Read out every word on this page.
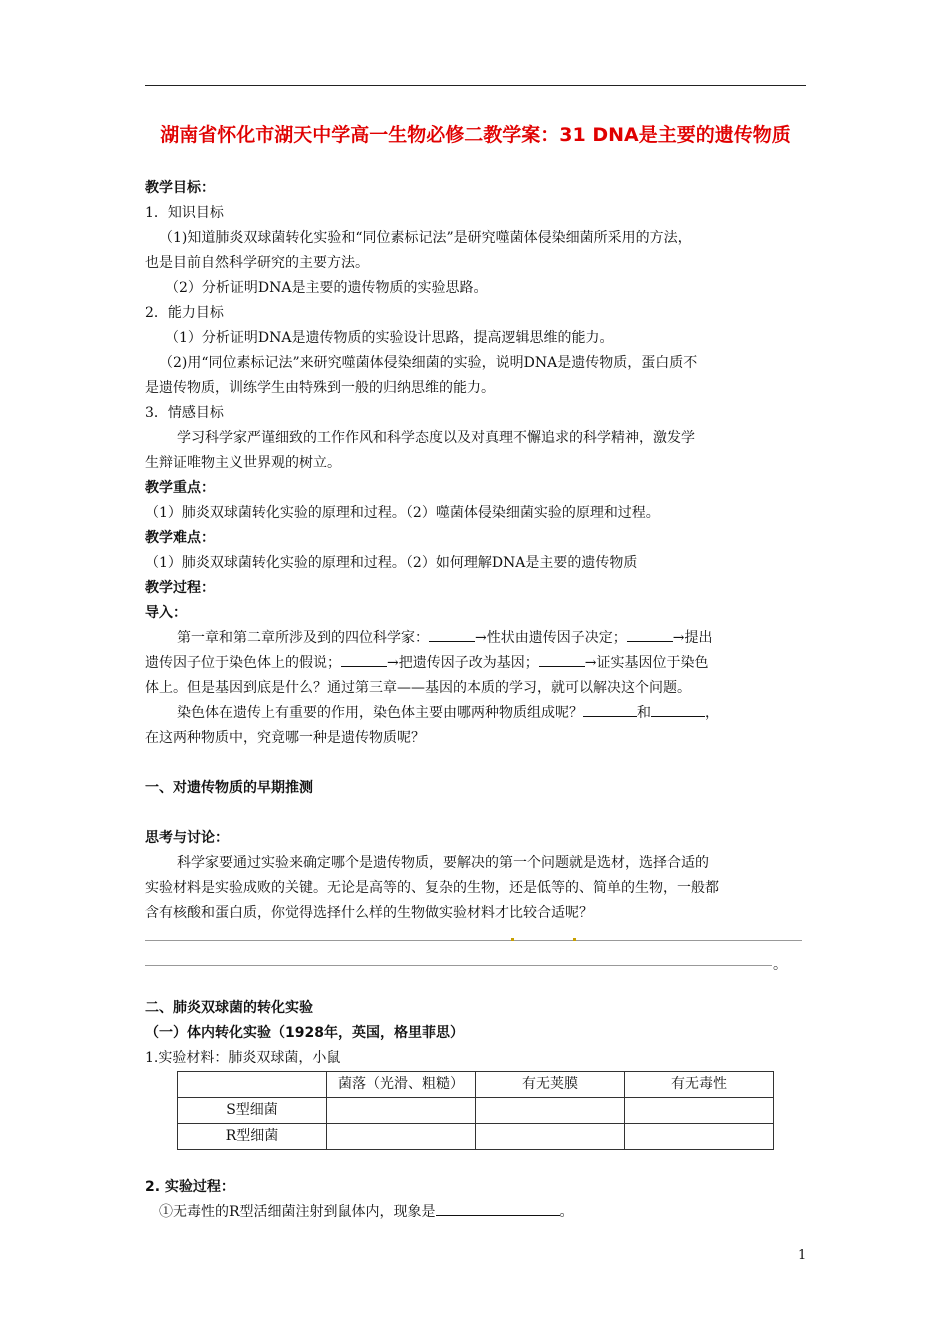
湖南省怀化市湖天中学高一生物必修二教学案：31 DNA是主要的遗传物质
教学目标：
1．知识目标
（1)知道肺炎双球菌转化实验和“同位素标记法”是研究噬菌体侵染细菌所采用的方法，
也是目前自然科学研究的主要方法。
（2）分析证明DNA是主要的遗传物质的实验思路。
2．能力目标
（1）分析证明DNA是遗传物质的实验设计思路，提高逻辑思维的能力。
（2)用“同位素标记法”来研究噬菌体侵染细菌的实验，说明DNA是遗传物质，蛋白质不
是遗传物质，训练学生由特殊到一般的归纳思维的能力。
3．情感目标
学习科学家严谨细致的工作作风和科学态度以及对真理不懈追求的科学精神，激发学
生辩证唯物主义世界观的树立。
教学重点：
（1）肺炎双球菌转化实验的原理和过程。（2）噬菌体侵染细菌实验的原理和过程。
教学难点：
（1）肺炎双球菌转化实验的原理和过程。（2）如何理解DNA是主要的遗传物质
教学过程：
导入：
第一章和第二章所涉及到的四位科学家：	→性状由遗传因子决定；	→提出
遗传因子位于染色体上的假说；	→把遗传因子改为基因；	→证实基因位于染色
体上。但是基因到底是什么？通过第三章——基因的本质的学习，就可以解决这个问题。
染色体在遗传上有重要的作用，染色体主要由哪两种物质组成呢？	和	，
在这两种物质中，究竟哪一种是遗传物质呢？
一、对遗传物质的早期推测
思考与讨论：
科学家要通过实验来确定哪个是遗传物质，要解决的第一个问题就是选材，选择合适的
实验材料是实验成败的关键。无论是高等的、复杂的生物，还是低等的、简单的生物，一般都
含有核酸和蛋白质，你觉得选择什么样的生物做实验材料才比较合适呢？
。
二、肺炎双球菌的转化实验
（一）体内转化实验（1928年，英国，格里菲思）
1.实验材料：肺炎双球菌，小鼠
	菌落（光滑、粗糙）	有无荚膜	有无毒性
S型细菌			
R型细菌			
2. 实验过程：
①无毒性的R型活细菌注射到鼠体内，现象是	。
1
